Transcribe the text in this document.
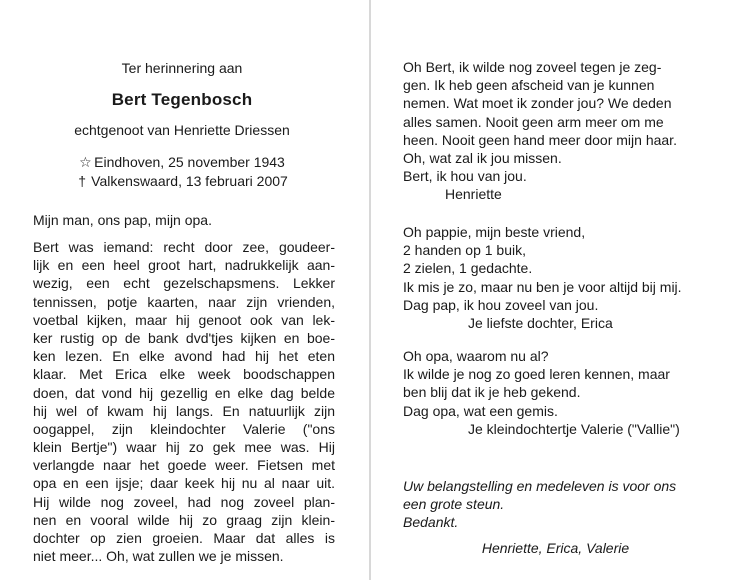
Ter herinnering aan
Bert Tegenbosch
echtgenoot van Henriette Driessen
☆ Eindhoven, 25 november 1943
† Valkenswaard, 13 februari 2007
Mijn man, ons pap, mijn opa.
Bert was iemand: recht door zee, goudeer-
lijk en een heel groot hart, nadrukkelijk aan-
wezig, een echt gezelschapsmens. Lekker
tennissen, potje kaarten, naar zijn vrienden,
voetbal kijken, maar hij genoot ook van lek-
ker rustig op de bank dvd'tjes kijken en boe-
ken lezen. En elke avond had hij het eten
klaar. Met Erica elke week boodschappen
doen, dat vond hij gezellig en elke dag belde
hij wel of kwam hij langs. En natuurlijk zijn
oogappel, zijn kleindochter Valerie ("ons
klein Bertje") waar hij zo gek mee was. Hij
verlangde naar het goede weer. Fietsen met
opa en een ijsje; daar keek hij nu al naar uit.
Hij wilde nog zoveel, had nog zoveel plan-
nen en vooral wilde hij zo graag zijn klein-
dochter op zien groeien. Maar dat alles is
niet meer... Oh, wat zullen we je missen.
Oh Bert, ik wilde nog zoveel tegen je zeg-
gen. Ik heb geen afscheid van je kunnen
nemen. Wat moet ik zonder jou? We deden
alles samen. Nooit geen arm meer om me
heen. Nooit geen hand meer door mijn haar.
Oh, wat zal ik jou missen.
Bert, ik hou van jou.
Henriette
Oh pappie, mijn beste vriend,
2 handen op 1 buik,
2 zielen, 1 gedachte.
Ik mis je zo, maar nu ben je voor altijd bij mij.
Dag pap, ik hou zoveel van jou.
Je liefste dochter, Erica
Oh opa, waarom nu al?
Ik wilde je nog zo goed leren kennen, maar
ben blij dat ik je heb gekend.
Dag opa, wat een gemis.
Je kleindochtertje Valerie ("Vallie")
Uw belangstelling en medeleven is voor ons
een grote steun.
Bedankt.
Henriette, Erica, Valerie
